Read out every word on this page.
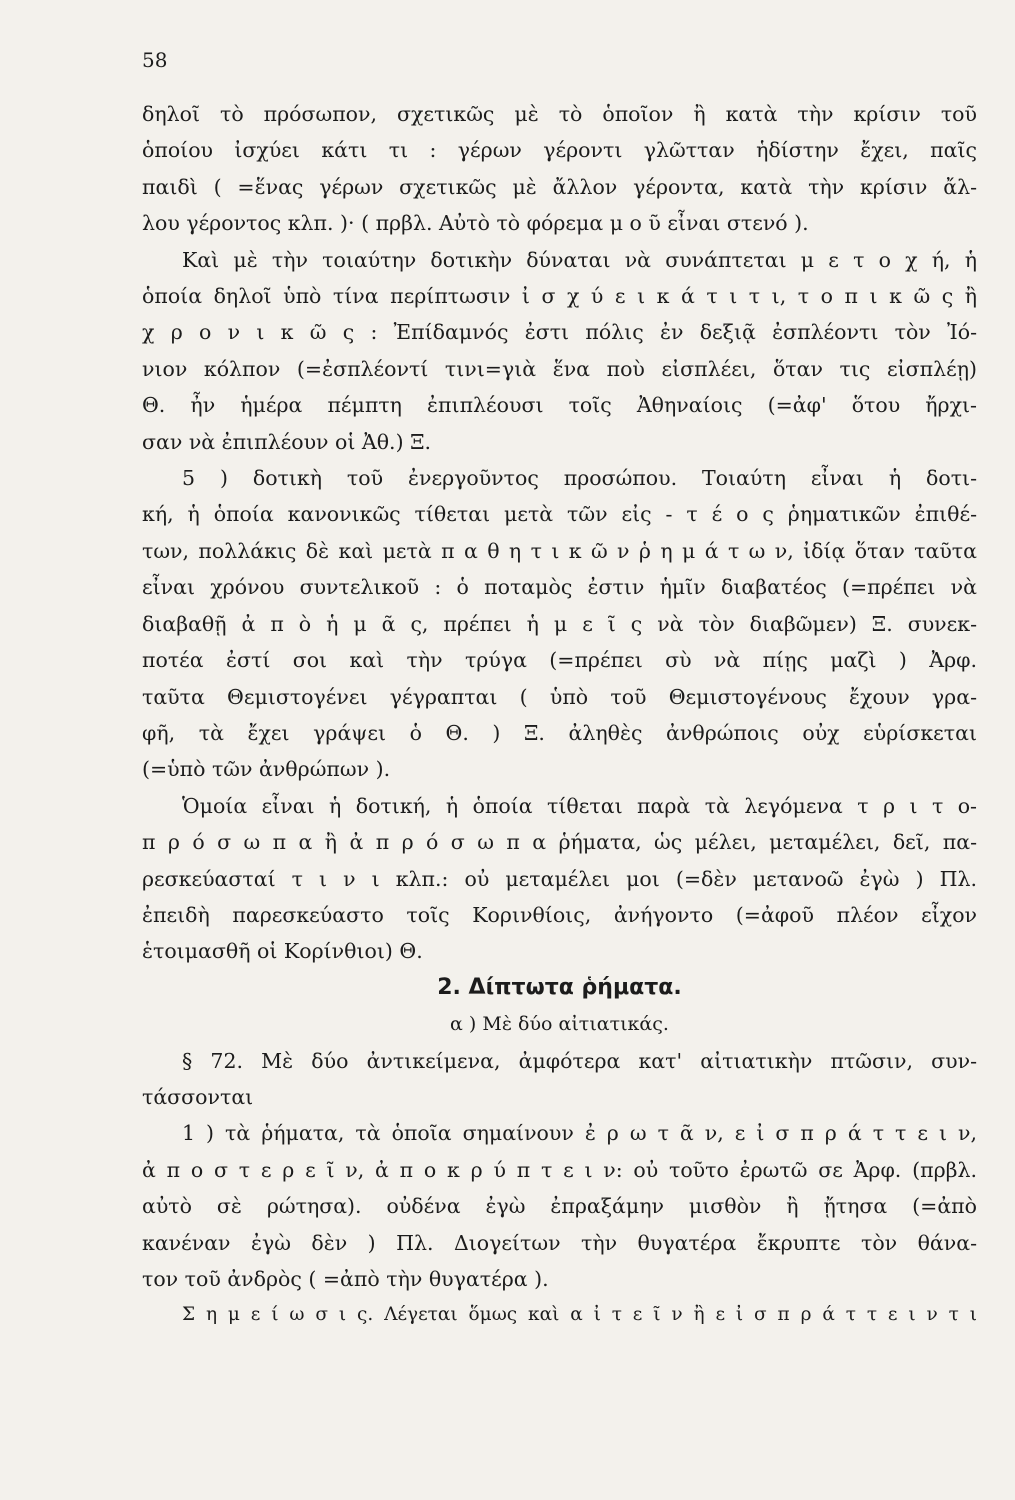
58
δηλοῖ τὸ πρόσωπον, σχετικῶς μὲ τὸ ὁποῖον ἢ κατὰ τὴν κρίσιν τοῦ
ὁποίου ἰσχύει κάτι τι : γέρων γέροντι γλῶτταν ἡδίστην ἔχει, παῖς
παιδὶ ( =ἕνας γέρων σχετικῶς μὲ ἄλλον γέροντα, κατὰ τὴν κρίσιν ἄλ-
λου γέροντος κλπ. )· ( πρβλ. Αὐτὸ τὸ φόρεμα μ ο ῦ εἶναι στενό ).
Καὶ μὲ τὴν τοιαύτην δοτικὴν δύναται νὰ συνάπτεται μ ε τ ο χ ή, ἡ
ὁποία δηλοῖ ὑπὸ τίνα περίπτωσιν ἰ σ χ ύ ε ι κ ά τ ι τ ι, τ ο π ι κ ῶ ς ἢ
χ ρ ο ν ι κ ῶ ς : Ἐπίδαμνός ἐστι πόλις ἐν δεξιᾷ ἐσπλέοντι τὸν Ἰό-
νιον κόλπον (=ἐσπλέοντί τινι=γιὰ ἕνα ποὺ εἰσπλέει, ὅταν τις εἰσπλέῃ)
Θ. ἦν ἡμέρα πέμπτη ἐπιπλέουσι τοῖς Ἀθηναίοις (=ἀφ' ὅτου ἤρχι-
σαν νὰ ἐπιπλέουν οἱ Ἀθ.) Ξ.
5 ) δοτικὴ τοῦ ἐνεργοῦντος προσώπου. Τοιαύτη εἶναι ἡ δοτι-
κή, ἡ ὁποία κανονικῶς τίθεται μετὰ τῶν εἰς - τ έ ο ς ῥηματικῶν ἐπιθέ-
των, πολλάκις δὲ καὶ μετὰ π α θ η τ ι κ ῶ ν ῥ η μ ά τ ω ν, ἰδίᾳ ὅταν ταῦτα
εἶναι χρόνου συντελικοῦ : ὁ ποταμὸς ἐστιν ἡμῖν διαβατέος (=πρέπει νὰ
διαβαθῇ ἀ π ὸ ἡ μ ᾶ ς, πρέπει ἡ μ ε ῖ ς νὰ τὸν διαβῶμεν) Ξ. συνεκ-
ποτέα ἐστί σοι καὶ τὴν τρύγα (=πρέπει σὺ νὰ πίῃς μαζὶ ) Ἀρφ.
ταῦτα Θεμιστογένει γέγραπται ( ὑπὸ τοῦ Θεμιστογένους ἔχουν γρα-
φῆ, τὰ ἔχει γράψει ὁ Θ. ) Ξ. ἀληθὲς ἀνθρώποις οὐχ εὑρίσκεται
(=ὑπὸ τῶν ἀνθρώπων ).
Ὁμοία εἶναι ἡ δοτική, ἡ ὁποία τίθεται παρὰ τὰ λεγόμενα τ ρ ι τ ο-
π ρ ό σ ω π α ἢ ἀ π ρ ό σ ω π α ῥήματα, ὡς μέλει, μεταμέλει, δεῖ, πα-
ρεσκεύασταί τ ι ν ι κλπ.: οὐ μεταμέλει μοι (=δὲν μετανοῶ ἐγὼ ) Πλ.
ἐπειδὴ παρεσκεύαστο τοῖς Κορινθίοις, ἀνήγοντο (=ἀφοῦ πλέον εἶχον
ἑτοιμασθῆ οἱ Κορίνθιοι) Θ.
2. Δίπτωτα ῥήματα.
α ) Μὲ δύο αἰτιατικάς.
§ 72. Μὲ δύο ἀντικείμενα, ἀμφότερα κατ' αἰτιατικὴν πτῶσιν, συν-
τάσσονται
1 ) τὰ ῥήματα, τὰ ὁποῖα σημαίνουν ἐ ρ ω τ ᾶ ν, ε ἰ σ π ρ ά τ τ ε ι ν,
ἀ π ο σ τ ε ρ ε ῖ ν, ἀ π ο κ ρ ύ π τ ε ι ν: οὐ τοῦτο ἐρωτῶ σε Ἀρφ. (πρβλ.
αὐτὸ σὲ ρώτησα). οὐδένα ἐγὼ ἐπραξάμην μισθὸν ἢ ᾔτησα (=ἀπὸ
κανέναν ἐγὼ δὲν ) Πλ. Διογείτων τὴν θυγατέρα ἔκρυπτε τὸν θάνα-
τον τοῦ ἀνδρὸς ( =ἀπὸ τὴν θυγατέρα ).
Σ η μ ε ί ω σ ι ς. Λέγεται ὅμως καὶ α ἰ τ ε ῖ ν ἢ ε ἰ σ π ρ ά τ τ ε ι ν τ ι
